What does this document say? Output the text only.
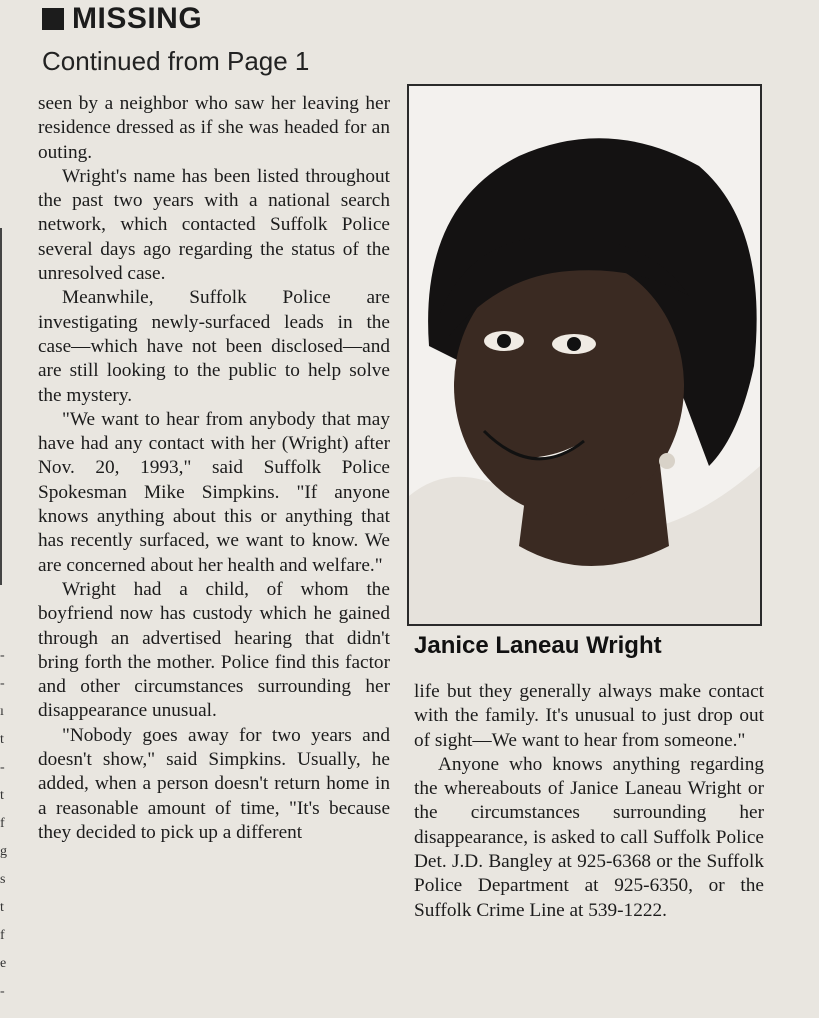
MISSING
Continued from Page 1
-
-
ı
t
-
t
f
g
s
t
f
e
-

seen by a neighbor who saw her leaving her residence dressed as if she was headed for an outing.

Wright's name has been listed throughout the past two years with a national search network, which contacted Suffolk Police several days ago regarding the status of the unresolved case.

Meanwhile, Suffolk Police are investigating newly-surfaced leads in the case—which have not been disclosed—and are still looking to the public to help solve the mystery.

"We want to hear from anybody that may have had any contact with her (Wright) after Nov. 20, 1993," said Suffolk Police Spokesman Mike Simpkins. "If anyone knows anything about this or anything that has recently surfaced, we want to know. We are concerned about her health and welfare."

Wright had a child, of whom the boyfriend now has custody which he gained through an advertised hearing that didn't bring forth the mother. Police find this factor and other circumstances surrounding her disappearance unusual.

"Nobody goes away for two years and doesn't show," said Simpkins. Usually, he added, when a person doesn't return home in a reasonable amount of time, "It's because they decided to pick up a different

Janice Laneau Wright

life but they generally always make contact with the family. It's unusual to just drop out of sight—We want to hear from someone."

Anyone who knows anything regarding the whereabouts of Janice Laneau Wright or the circumstances surrounding her disappearance, is asked to call Suffolk Police Det. J.D. Bangley at 925-6368 or the Suffolk Police Department at 925-6350, or the Suffolk Crime Line at 539-1222.
